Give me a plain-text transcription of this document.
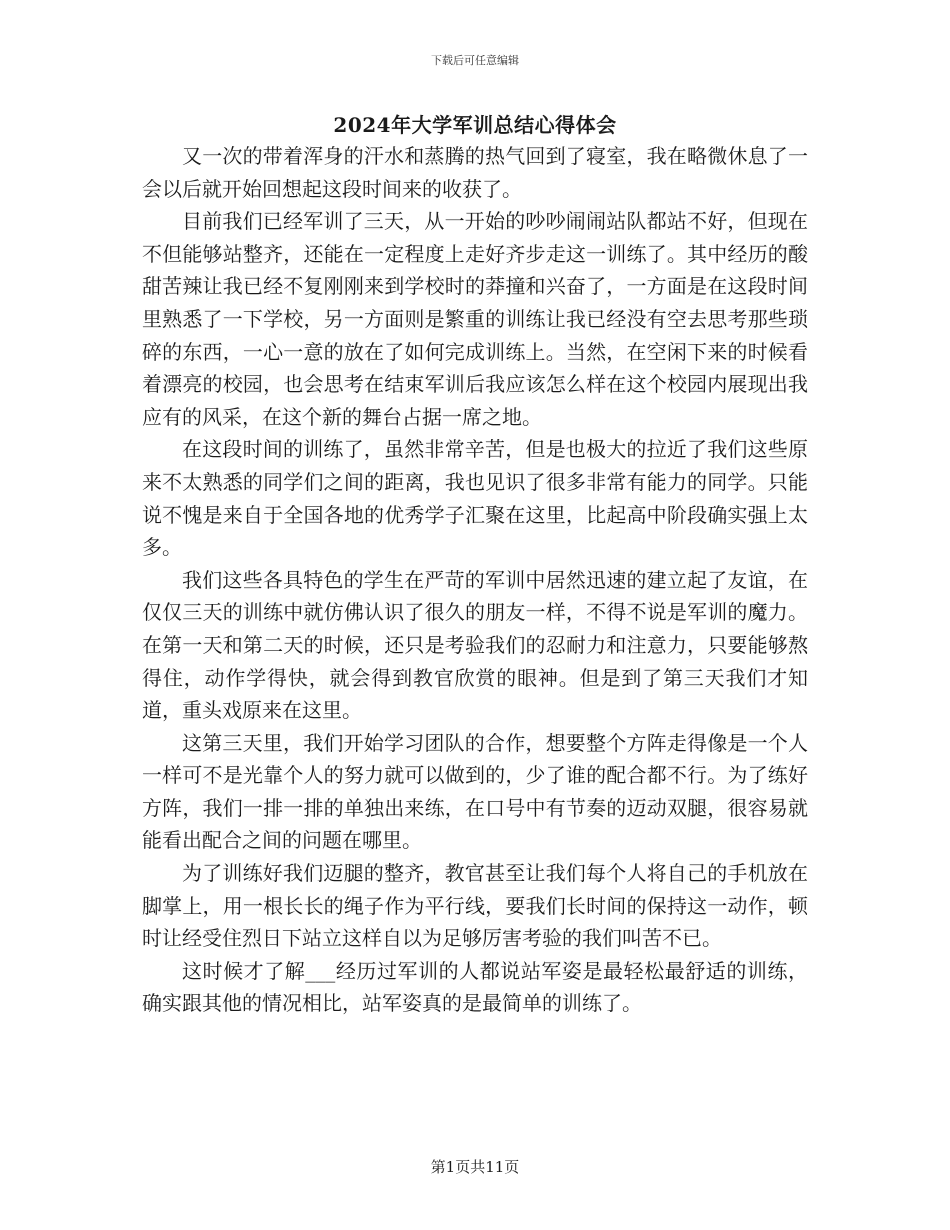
下载后可任意编辑
2024年大学军训总结心得体会

又一次的带着浑身的汗水和蒸腾的热气回到了寝室，我在略微休息了一会以后就开始回想起这段时间来的收获了。

目前我们已经军训了三天，从一开始的吵吵闹闹站队都站不好，但现在不但能够站整齐，还能在一定程度上走好齐步走这一训练了。其中经历的酸甜苦辣让我已经不复刚刚来到学校时的莽撞和兴奋了，一方面是在这段时间里熟悉了一下学校，另一方面则是繁重的训练让我已经没有空去思考那些琐碎的东西，一心一意的放在了如何完成训练上。当然，在空闲下来的时候看着漂亮的校园，也会思考在结束军训后我应该怎么样在这个校园内展现出我应有的风采，在这个新的舞台占据一席之地。

在这段时间的训练了，虽然非常辛苦，但是也极大的拉近了我们这些原来不太熟悉的同学们之间的距离，我也见识了很多非常有能力的同学。只能说不愧是来自于全国各地的优秀学子汇聚在这里，比起高中阶段确实强上太多。

我们这些各具特色的学生在严苛的军训中居然迅速的建立起了友谊，在仅仅三天的训练中就仿佛认识了很久的朋友一样，不得不说是军训的魔力。在第一天和第二天的时候，还只是考验我们的忍耐力和注意力，只要能够熬得住，动作学得快，就会得到教官欣赏的眼神。但是到了第三天我们才知道，重头戏原来在这里。

这第三天里，我们开始学习团队的合作，想要整个方阵走得像是一个人一样可不是光靠个人的努力就可以做到的，少了谁的配合都不行。为了练好方阵，我们一排一排的单独出来练，在口号中有节奏的迈动双腿，很容易就能看出配合之间的问题在哪里。

为了训练好我们迈腿的整齐，教官甚至让我们每个人将自己的手机放在脚掌上，用一根长长的绳子作为平行线，要我们长时间的保持这一动作，顿时让经受住烈日下站立这样自以为足够厉害考验的我们叫苦不已。

这时候才了解___经历过军训的人都说站军姿是最轻松最舒适的训练，确实跟其他的情况相比，站军姿真的是最简单的训练了。

第1页共11页
